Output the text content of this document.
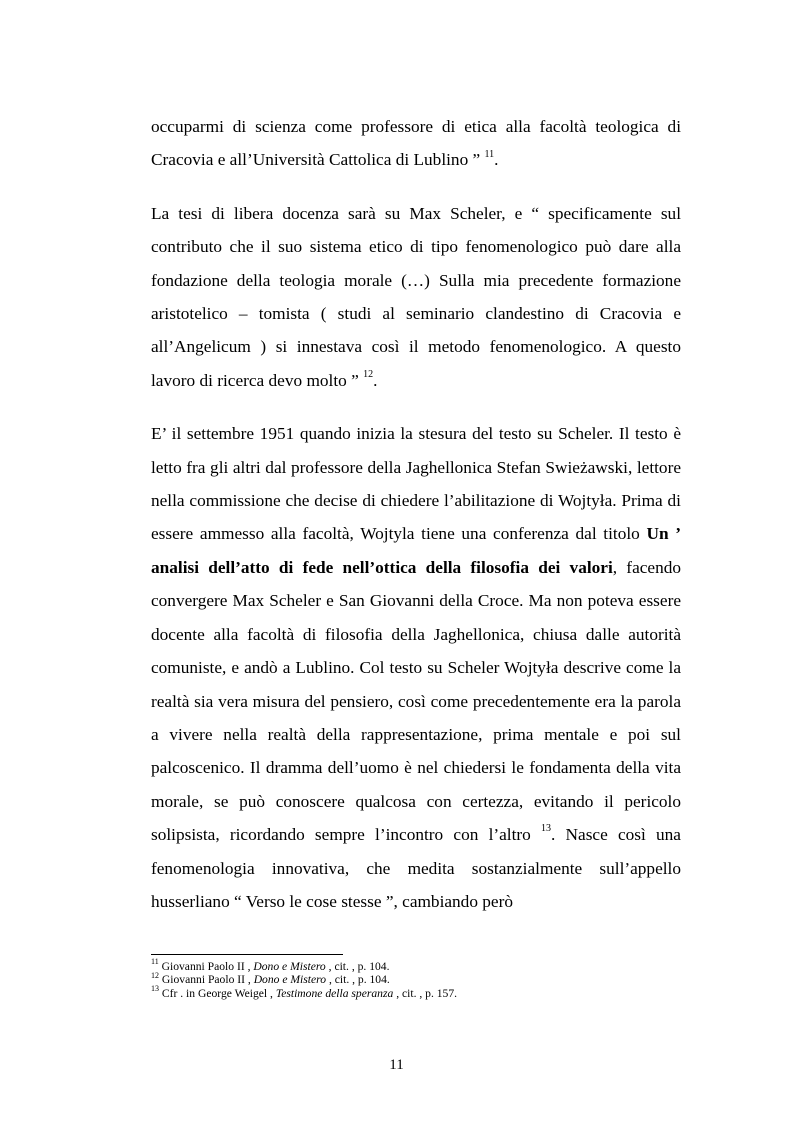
occuparmi di scienza come professore di etica alla facoltà teologica di Cracovia e all’Università Cattolica di Lublino ” $^{11}$.

La tesi di libera docenza sarà su Max Scheler, e “ specificamente sul contributo che il suo sistema etico di tipo fenomenologico può dare alla fondazione della teologia morale (…) Sulla mia precedente formazione aristotelico – tomista ( studi al seminario clandestino di Cracovia e all’Angelicum ) si innestava così il metodo fenomenologico. A questo lavoro di ricerca devo molto ” $^{12}$.

E’ il settembre 1951 quando inizia la stesura del testo su Scheler. Il testo è letto fra gli altri dal professore della Jaghellonica Stefan Swieżawski, lettore nella commissione che decise di chiedere l’abilitazione di Wojtyła. Prima di essere ammesso alla facoltà, Wojtyla tiene una conferenza dal titolo Un ’ analisi dell’atto di fede nell’ottica della filosofia dei valori, facendo convergere Max Scheler e San Giovanni della Croce. Ma non poteva essere docente alla facoltà di filosofia della Jaghellonica, chiusa dalle autorità comuniste, e andò a Lublino. Col testo su Scheler Wojtyła descrive come la realtà sia vera misura del pensiero, così come precedentemente era la parola a vivere nella realtà della rappresentazione, prima mentale e poi sul palcoscenico. Il dramma dell’uomo è nel chiedersi le fondamenta della vita morale, se può conoscere qualcosa con certezza, evitando il pericolo solipsista, ricordando sempre l’incontro con l’altro $^{13}$. Nasce così una fenomenologia innovativa, che medita sostanzialmente sull’appello husserliano “ Verso le cose stesse ”, cambiando però

$^{11}$ Giovanni Paolo II , Dono e Mistero , cit. , p. 104.
$^{12}$ Giovanni Paolo II , Dono e Mistero , cit. , p. 104.
$^{13}$ Cfr . in George Weigel , Testimone della speranza , cit. , p. 157.
11
